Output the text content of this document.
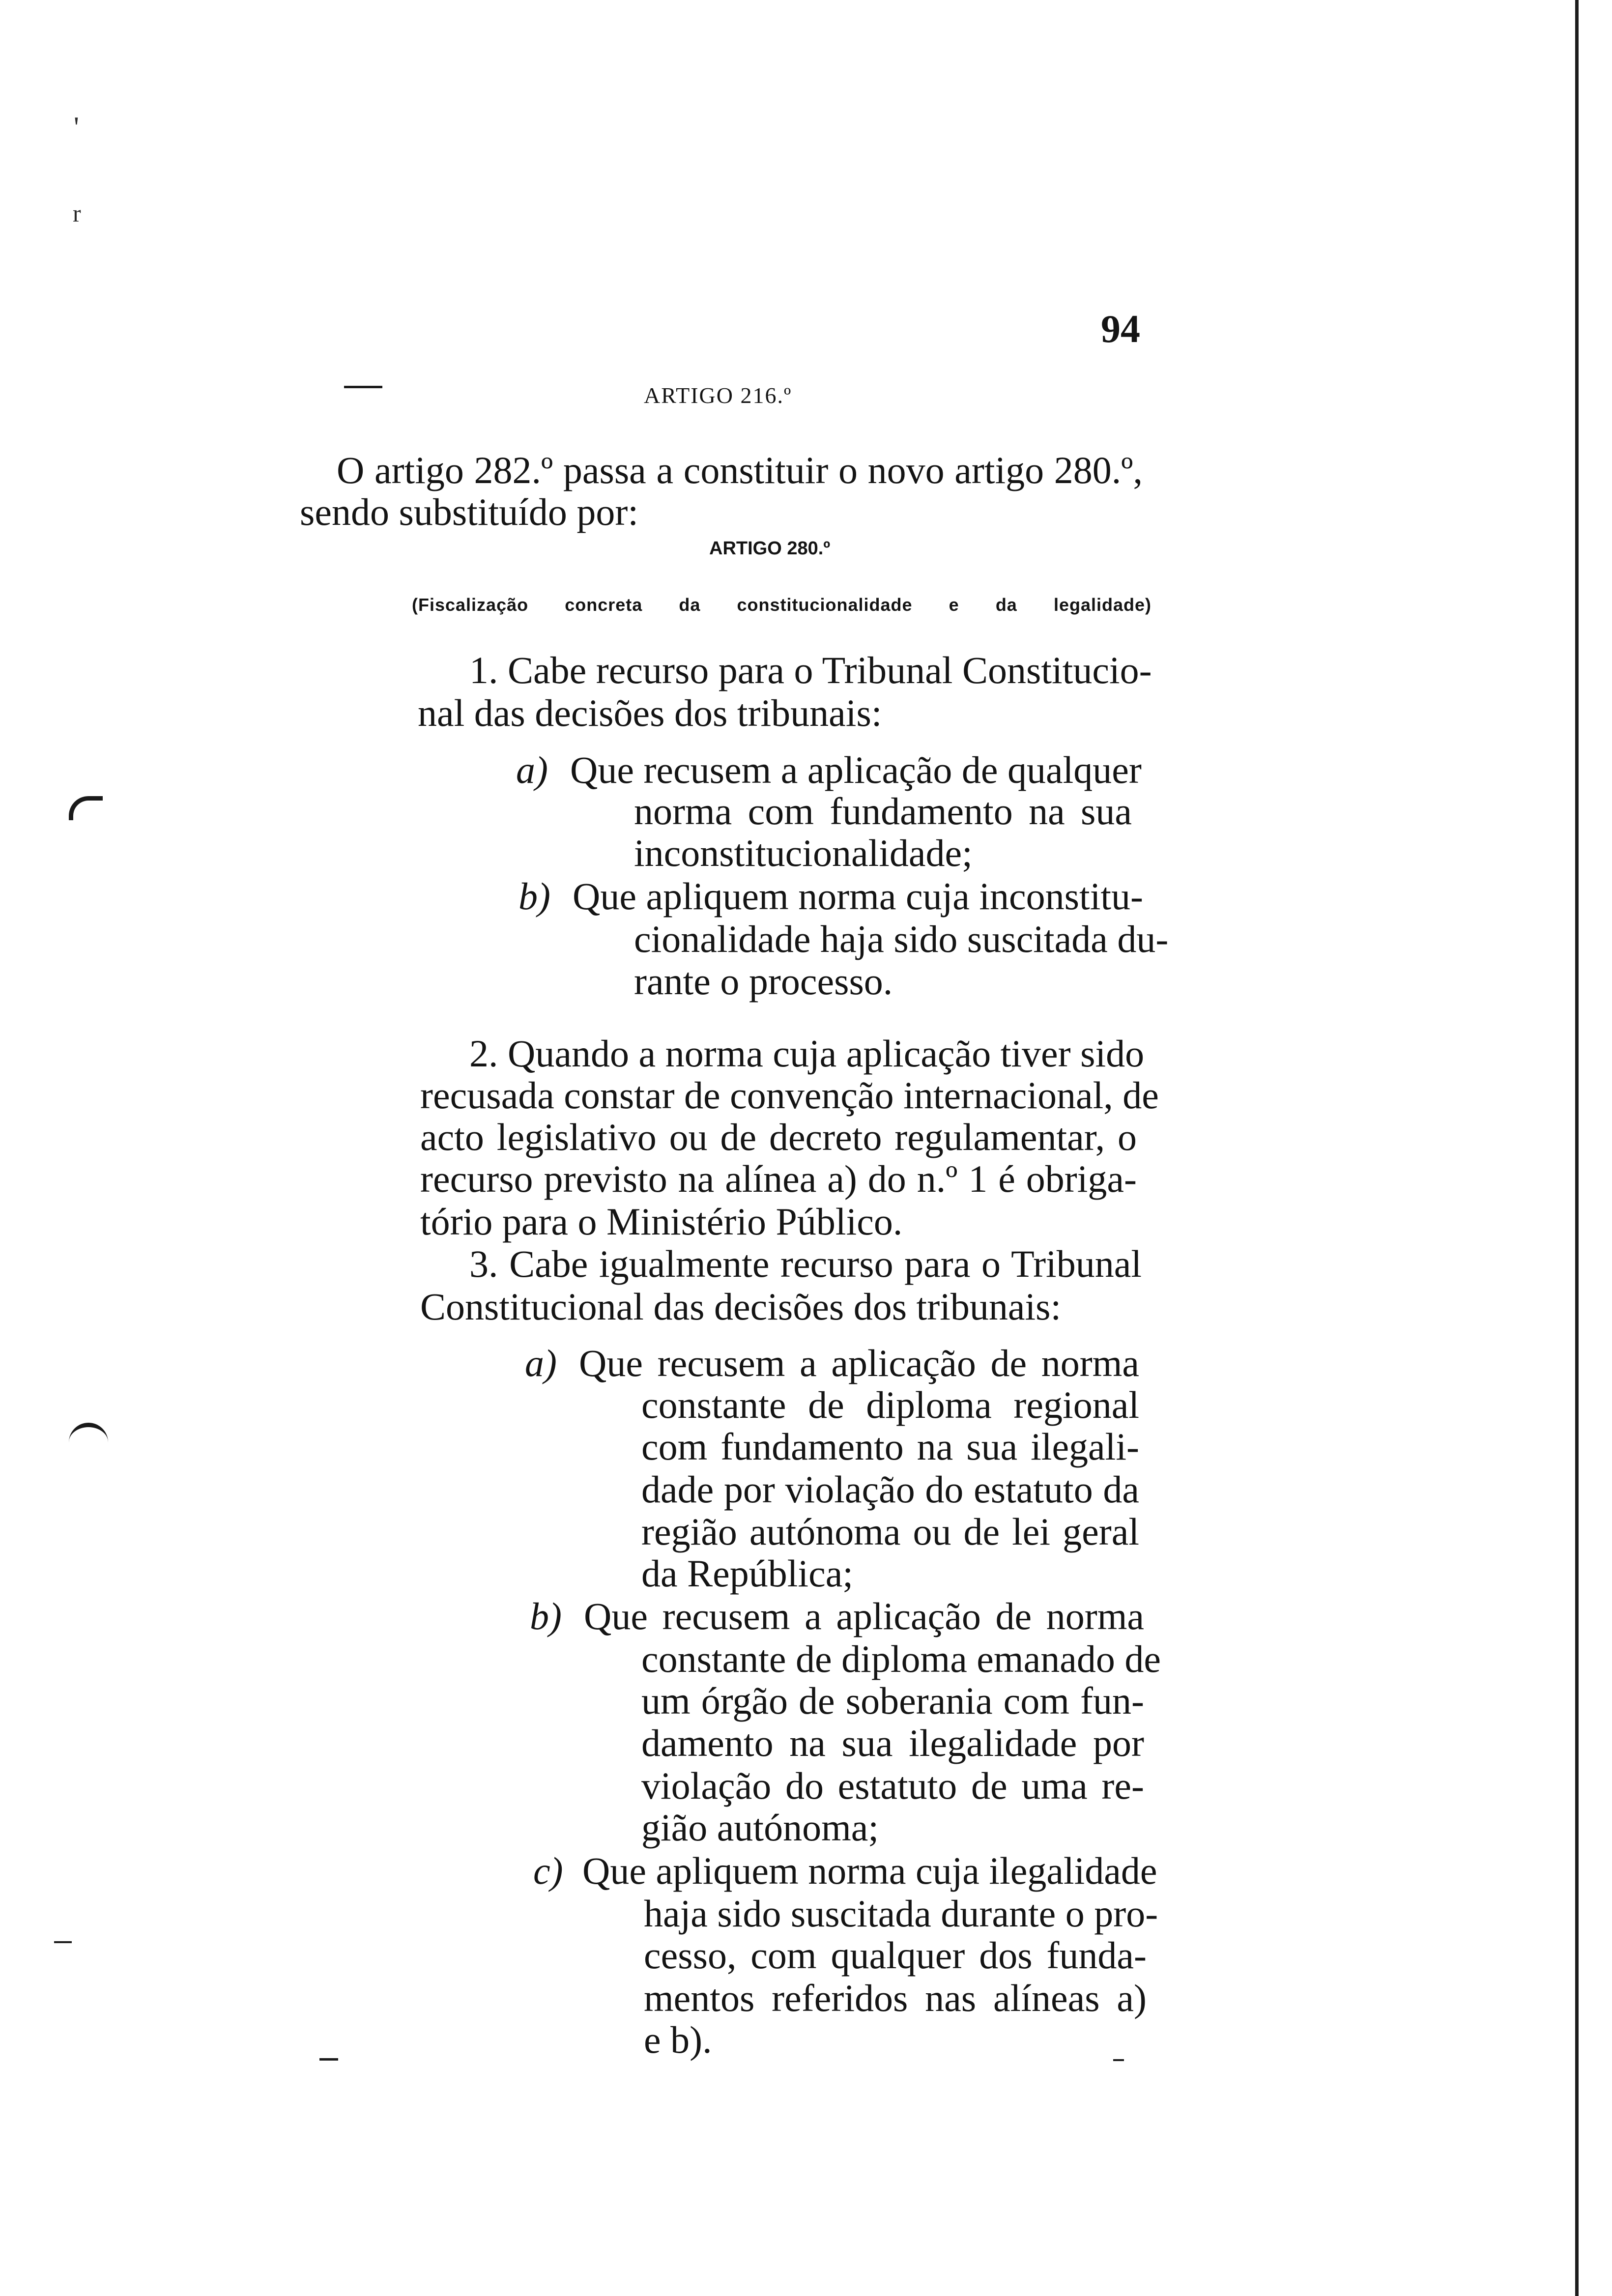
'
r
94
ARTIGO 216.º
O artigo 282.º passa a constituir o novo artigo 280.º,
sendo substituído por:
ARTIGO 280.º
(Fiscalização concreta da constitucionalidade e da legalidade)
1. Cabe recurso para o Tribunal Constitucio-
nal das decisões dos tribunais:
a) Que recusem a aplicação de qualquer
norma com fundamento na sua
inconstitucionalidade;
b) Que apliquem norma cuja inconstitu-
cionalidade haja sido suscitada du-
rante o processo.
2. Quando a norma cuja aplicação tiver sido
recusada constar de convenção internacional, de
acto legislativo ou de decreto regulamentar, o
recurso previsto na alínea a) do n.º 1 é obriga-
tório para o Ministério Público.
3. Cabe igualmente recurso para o Tribunal
Constitucional das decisões dos tribunais:
a) Que recusem a aplicação de norma
constante de diploma regional
com fundamento na sua ilegali-
dade por violação do estatuto da
região autónoma ou de lei geral
da República;
b) Que recusem a aplicação de norma
constante de diploma emanado de
um órgão de soberania com fun-
damento na sua ilegalidade por
violação do estatuto de uma re-
gião autónoma;
c) Que apliquem norma cuja ilegalidade
haja sido suscitada durante o pro-
cesso, com qualquer dos funda-
mentos referidos nas alíneas a)
e b).
